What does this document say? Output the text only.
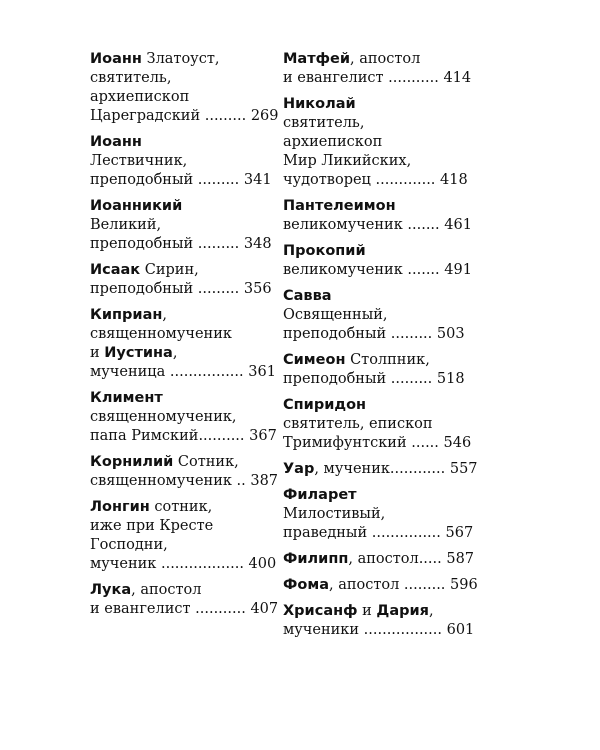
Иоанн Златоуст,
святитель,
архиепископ
Цареградский ......... 269
Иоанн
Лествичник,
преподобный ......... 341
Иоанникий
Великий,
преподобный ......... 348
Исаак Сирин,
преподобный ......... 356
Киприан,
священномученик
и Иустина,
мученица ................ 361
Климент
священномученик,
папа Римский.......... 367
Корнилий Сотник,
священномученик .. 387
Лонгин сотник,
иже при Кресте
Господни,
мученик .................. 400
Лука, апостол
и евангелист ........... 407
Матфей, апостол
и евангелист ........... 414
Николай
святитель,
архиепископ
Мир Ликийских,
чудотворец ............. 418
Пантелеимон
великомученик ....... 461
Прокопий
великомученик ....... 491
Савва
Освященный,
преподобный ......... 503
Симеон Столпник,
преподобный ......... 518
Спиридон
святитель, епископ
Тримифунтский ...... 546
Уар, мученик............ 557
Филарет
Милостивый,
праведный ............... 567
Филипп, апостол..... 587
Фома, апостол ......... 596
Хрисанф и Дария,
мученики ................. 601
